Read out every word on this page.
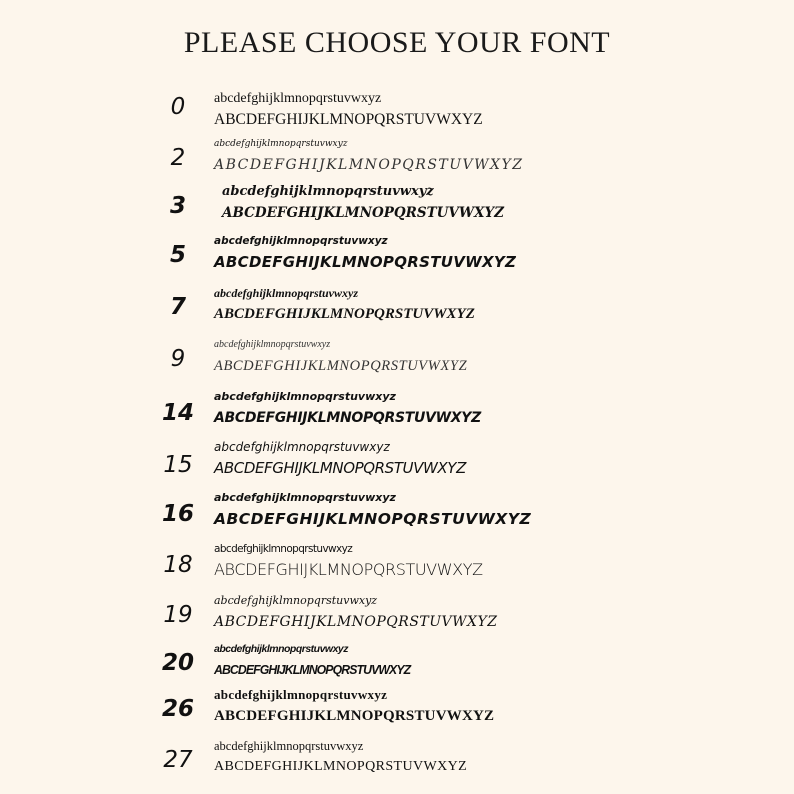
PLEASE CHOOSE YOUR FONT
0	abcdefghijklmnopqrstuvwxyz
ABCDEFGHIJKLMNOPQRSTUVWXYZ
2
abcdefghijklmnopqrstuvwxyz
ABCDEFGHIJKLMNOPQRSTUVWXYZ
3
abcdefghijklmnopqrstuvwxyz
ABCDEFGHIJKLMNOPQRSTUVWXYZ
5
abcdefghijklmnopqrstuvwxyz
ABCDEFGHIJKLMNOPQRSTUVWXYZ
7
abcdefghijklmnopqrstuvwxyz
ABCDEFGHIJKLMNOPQRSTUVWXYZ
9
abcdefghijklmnopqrstuvwxyz
ABCDEFGHIJKLMNOPQRSTUVWXYZ
14
abcdefghijklmnopqrstuvwxyz
ABCDEFGHIJKLMNOPQRSTUVWXYZ
15
abcdefghijklmnopqrstuvwxyz
ABCDEFGHIJKLMNOPQRSTUVWXYZ
16
abcdefghijklmnopqrstuvwxyz
ABCDEFGHIJKLMNOPQRSTUVWXYZ
18
abcdefghijklmnopqrstuvwxyz
ABCDEFGHIJKLMNOPQRSTUVWXYZ
19
abcdefghijklmnopqrstuvwxyz
ABCDEFGHIJKLMNOPQRSTUVWXYZ
20
abcdefghijklmnopqrstuvwxyz
ABCDEFGHIJKLMNOPQRSTUVWXYZ
26
abcdefghijklmnopqrstuvwxyz
ABCDEFGHIJKLMNOPQRSTUVWXYZ
27
abcdefghijklmnopqrstuvwxyz
ABCDEFGHIJKLMNOPQRSTUVWXYZ
